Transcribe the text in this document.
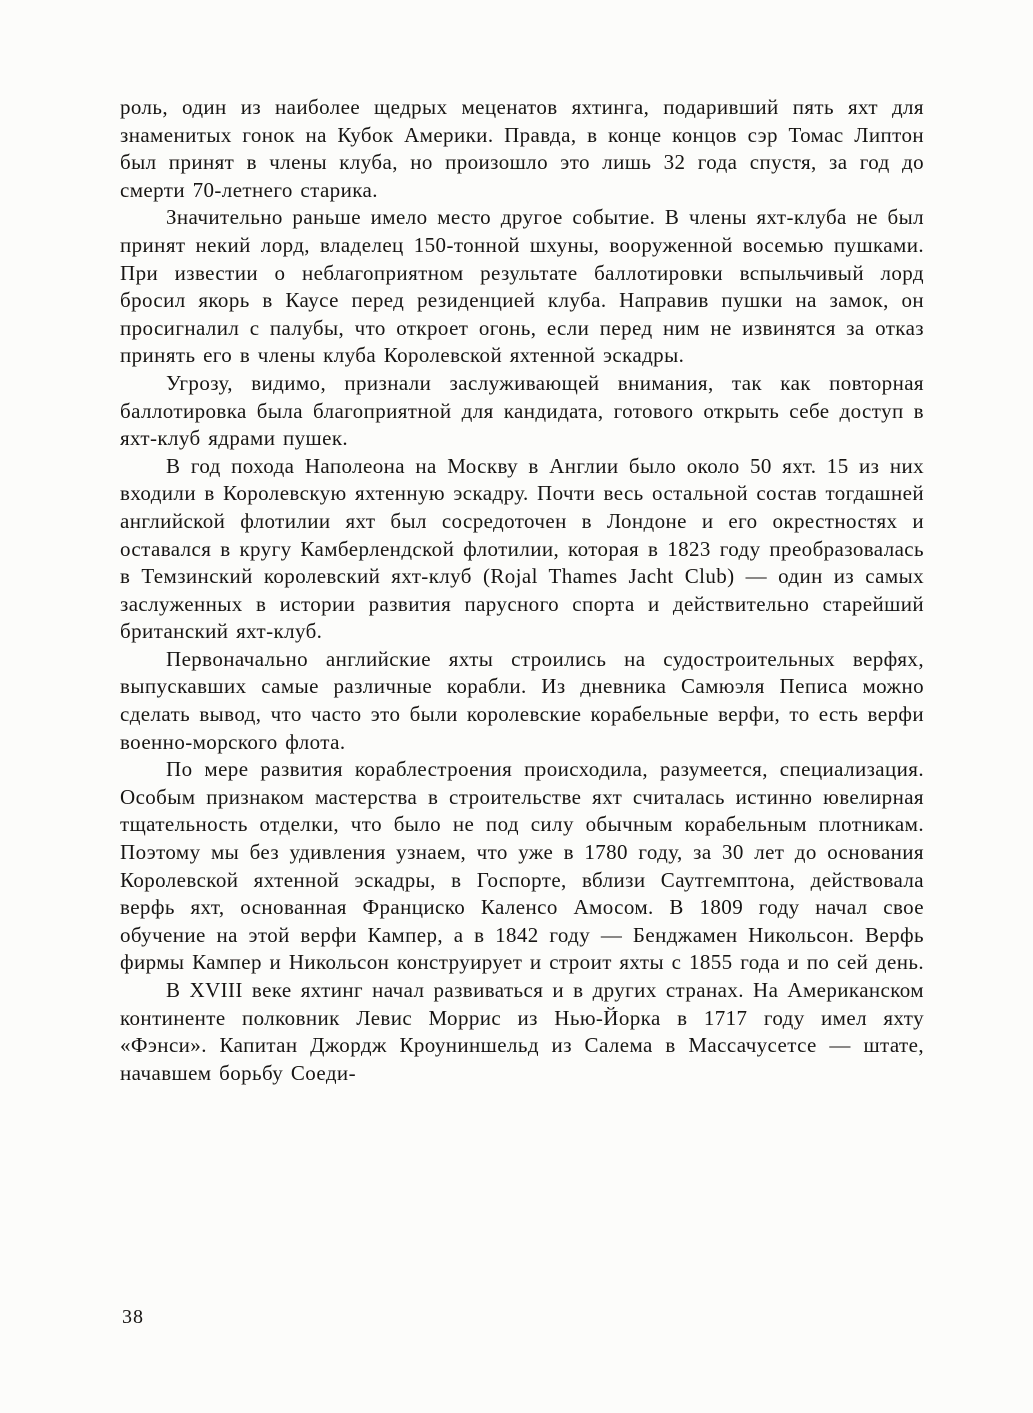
роль, один из наиболее щедрых меценатов яхтинга, подаривший пять яхт для знаменитых гонок на Кубок Америки. Правда, в конце концов сэр Томас Липтон был принят в члены клуба, но произошло это лишь 32 года спустя, за год до смерти 70-летнего старика.

Значительно раньше имело место другое событие. В члены яхт-клуба не был принят некий лорд, владелец 150-тонной шхуны, вооруженной восемью пушками. При известии о неблагоприятном результате баллотировки вспыльчивый лорд бросил якорь в Каусе перед резиденцией клуба. Направив пушки на замок, он просигналил с палубы, что откроет огонь, если перед ним не извинятся за отказ принять его в члены клуба Королевской яхтенной эскадры.

Угрозу, видимо, признали заслуживающей внимания, так как повторная баллотировка была благоприятной для кандидата, готового открыть себе доступ в яхт-клуб ядрами пушек.

В год похода Наполеона на Москву в Англии было около 50 яхт. 15 из них входили в Королевскую яхтенную эскадру. Почти весь остальной состав тогдашней английской флотилии яхт был сосредоточен в Лондоне и его окрестностях и оставался в кругу Камберлендской флотилии, которая в 1823 году преобразовалась в Темзинский королевский яхт-клуб (Rojal Thames Jacht Club) — один из самых заслуженных в истории развития парусного спорта и действительно старейший британский яхт-клуб.

Первоначально английские яхты строились на судостроительных верфях, выпускавших самые различные корабли. Из дневника Самюэля Пеписа можно сделать вывод, что часто это были королевские корабельные верфи, то есть верфи военно-морского флота.

По мере развития кораблестроения происходила, разумеется, специализация. Особым признаком мастерства в строительстве яхт считалась истинно ювелирная тщательность отделки, что было не под силу обычным корабельным плотникам. Поэтому мы без удивления узнаем, что уже в 1780 году, за 30 лет до основания Королевской яхтенной эскадры, в Госпорте, вблизи Саутгемптона, действовала верфь яхт, основанная Франциско Каленсо Амосом. В 1809 году начал свое обучение на этой верфи Кампер, а в 1842 году — Бенджамен Никольсон. Верфь фирмы Кампер и Никольсон конструирует и строит яхты с 1855 года и по сей день.

В XVIII веке яхтинг начал развиваться и в других странах. На Американском континенте полковник Левис Моррис из Нью-Йорка в 1717 году имел яхту «Фэнси». Капитан Джордж Кроуниншельд из Салема в Массачусетсе — штате, начавшем борьбу Соеди-

38
